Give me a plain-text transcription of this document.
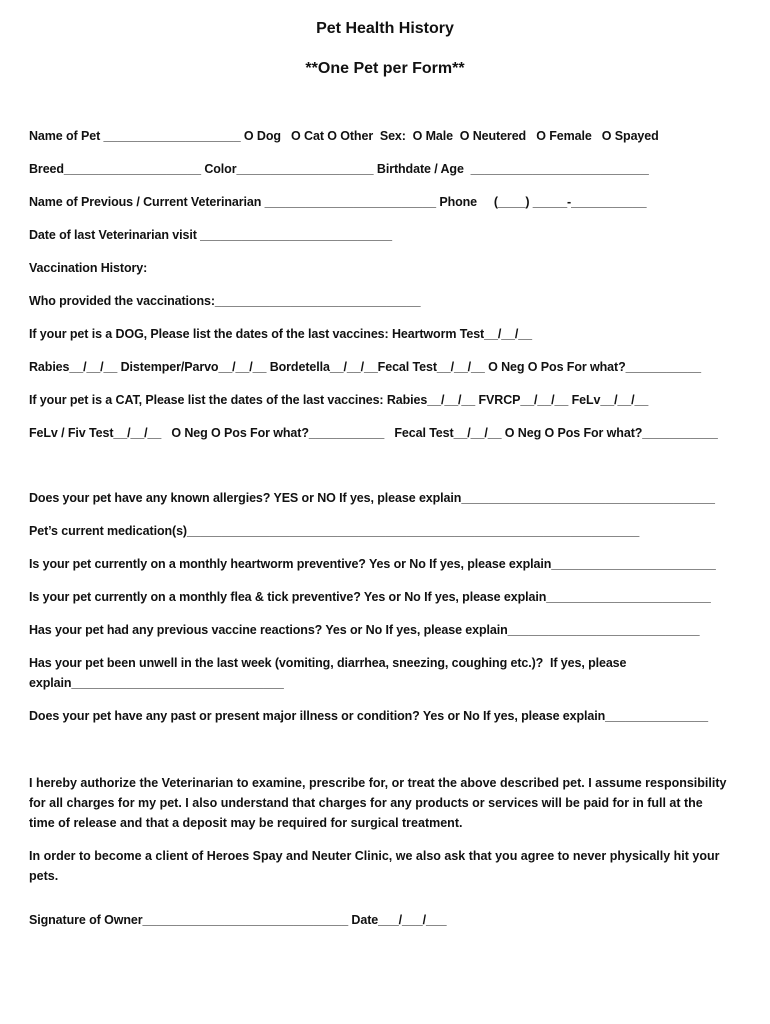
Pet Health History
**One Pet per Form**
Name of Pet ____________________ O Dog   O Cat O Other  Sex:  O Male  O Neutered   O Female   O Spayed
Breed____________________ Color____________________ Birthdate / Age  __________________________
Name of Previous / Current Veterinarian _________________________ Phone     (____) _____-___________
Date of last Veterinarian visit ____________________________
Vaccination History:
Who provided the vaccinations:______________________________
If your pet is a DOG, Please list the dates of the last vaccines: Heartworm Test__/__/__
Rabies__/__/__ Distemper/Parvo__/__/__ Bordetella__/__/__Fecal Test__/__/__ O Neg O Pos For what?___________
If your pet is a CAT, Please list the dates of the last vaccines: Rabies__/__/__ FVRCP__/__/__ FeLv__/__/__
FeLv / Fiv Test__/__/__   O Neg O Pos For what?___________   Fecal Test__/__/__ O Neg O Pos For what?___________
Does your pet have any known allergies? YES or NO If yes, please explain_____________________________________
Pet’s current medication(s)__________________________________________________________________
Is your pet currently on a monthly heartworm preventive? Yes or No If yes, please explain________________________
Is your pet currently on a monthly flea & tick preventive? Yes or No If yes, please explain________________________
Has your pet had any previous vaccine reactions? Yes or No If yes, please explain____________________________
Has your pet been unwell in the last week (vomiting, diarrhea, sneezing, coughing etc.)?  If yes, please
explain_______________________________
Does your pet have any past or present major illness or condition? Yes or No If yes, please explain_______________
I hereby authorize the Veterinarian to examine, prescribe for, or treat the above described pet. I assume responsibility for all charges for my pet. I also understand that charges for any products or services will be paid for in full at the time of release and that a deposit may be required for surgical treatment.
In order to become a client of Heroes Spay and Neuter Clinic, we also ask that you agree to never physically hit your pets.
Signature of Owner______________________________ Date___/___/___
